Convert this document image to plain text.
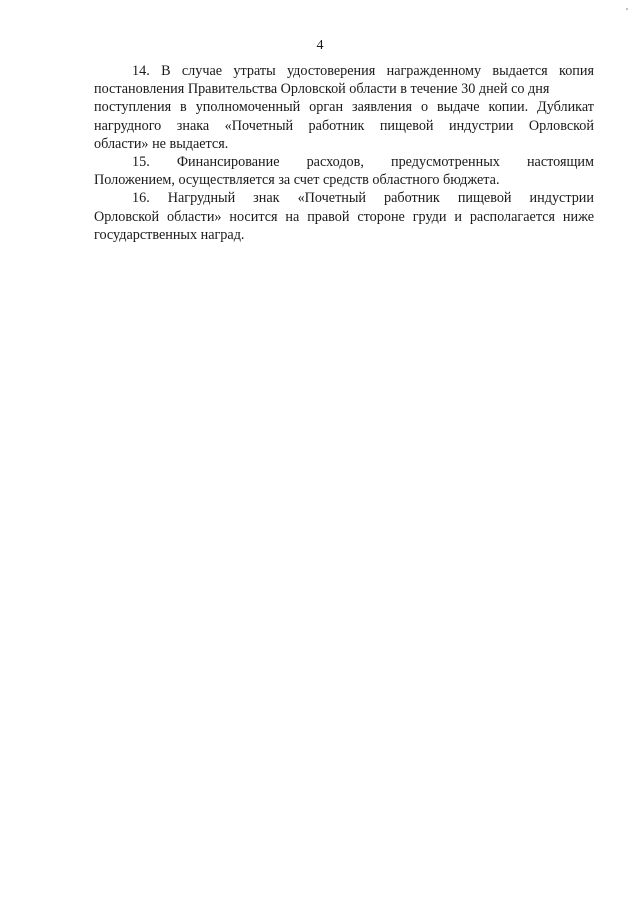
4
14. В случае утраты удостоверения награжденному выдается копия
постановления Правительства Орловской области в течение 30 дней со дня
поступления в уполномоченный орган заявления о выдаче копии. Дубликат
нагрудного знака «Почетный работник пищевой индустрии Орловской
области» не выдается.
15. Финансирование расходов, предусмотренных настоящим
Положением, осуществляется за счет средств областного бюджета.
16. Нагрудный знак «Почетный работник пищевой индустрии
Орловской области» носится на правой стороне груди и располагается ниже
государственных наград.
